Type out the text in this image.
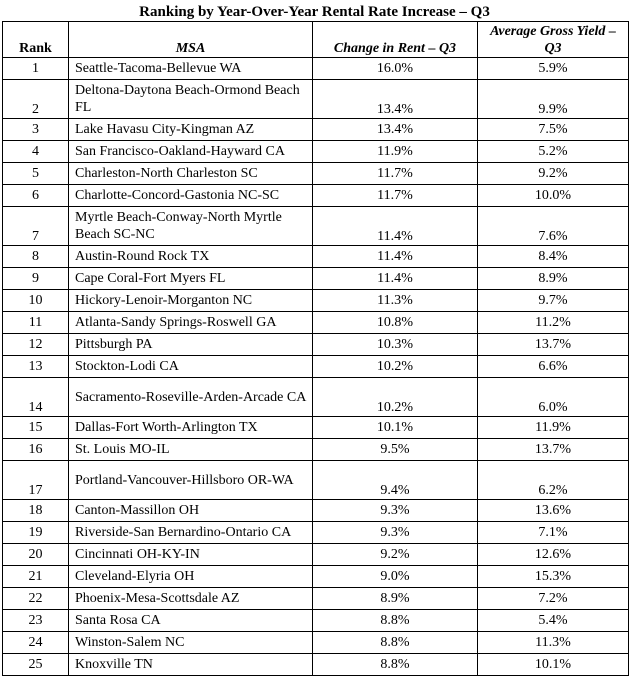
Ranking by Year-Over-Year Rental Rate Increase – Q3
Rank	MSA	Change in Rent – Q3	Average Gross Yield – Q3
1	Seattle-Tacoma-Bellevue WA	16.0%	5.9%
2	Deltona-Daytona Beach-Ormond Beach FL	13.4%	9.9%
3	Lake Havasu City-Kingman AZ	13.4%	7.5%
4	San Francisco-Oakland-Hayward CA	11.9%	5.2%
5	Charleston-North Charleston SC	11.7%	9.2%
6	Charlotte-Concord-Gastonia NC-SC	11.7%	10.0%
7	Myrtle Beach-Conway-North Myrtle Beach SC-NC	11.4%	7.6%
8	Austin-Round Rock TX	11.4%	8.4%
9	Cape Coral-Fort Myers FL	11.4%	8.9%
10	Hickory-Lenoir-Morganton NC	11.3%	9.7%
11	Atlanta-Sandy Springs-Roswell GA	10.8%	11.2%
12	Pittsburgh PA	10.3%	13.7%
13	Stockton-Lodi CA	10.2%	6.6%
14	Sacramento-Roseville-Arden-Arcade CA	10.2%	6.0%
15	Dallas-Fort Worth-Arlington TX	10.1%	11.9%
16	St. Louis MO-IL	9.5%	13.7%
17	Portland-Vancouver-Hillsboro OR-WA	9.4%	6.2%
18	Canton-Massillon OH	9.3%	13.6%
19	Riverside-San Bernardino-Ontario CA	9.3%	7.1%
20	Cincinnati OH-KY-IN	9.2%	12.6%
21	Cleveland-Elyria OH	9.0%	15.3%
22	Phoenix-Mesa-Scottsdale AZ	8.9%	7.2%
23	Santa Rosa CA	8.8%	5.4%
24	Winston-Salem NC	8.8%	11.3%
25	Knoxville TN	8.8%	10.1%
